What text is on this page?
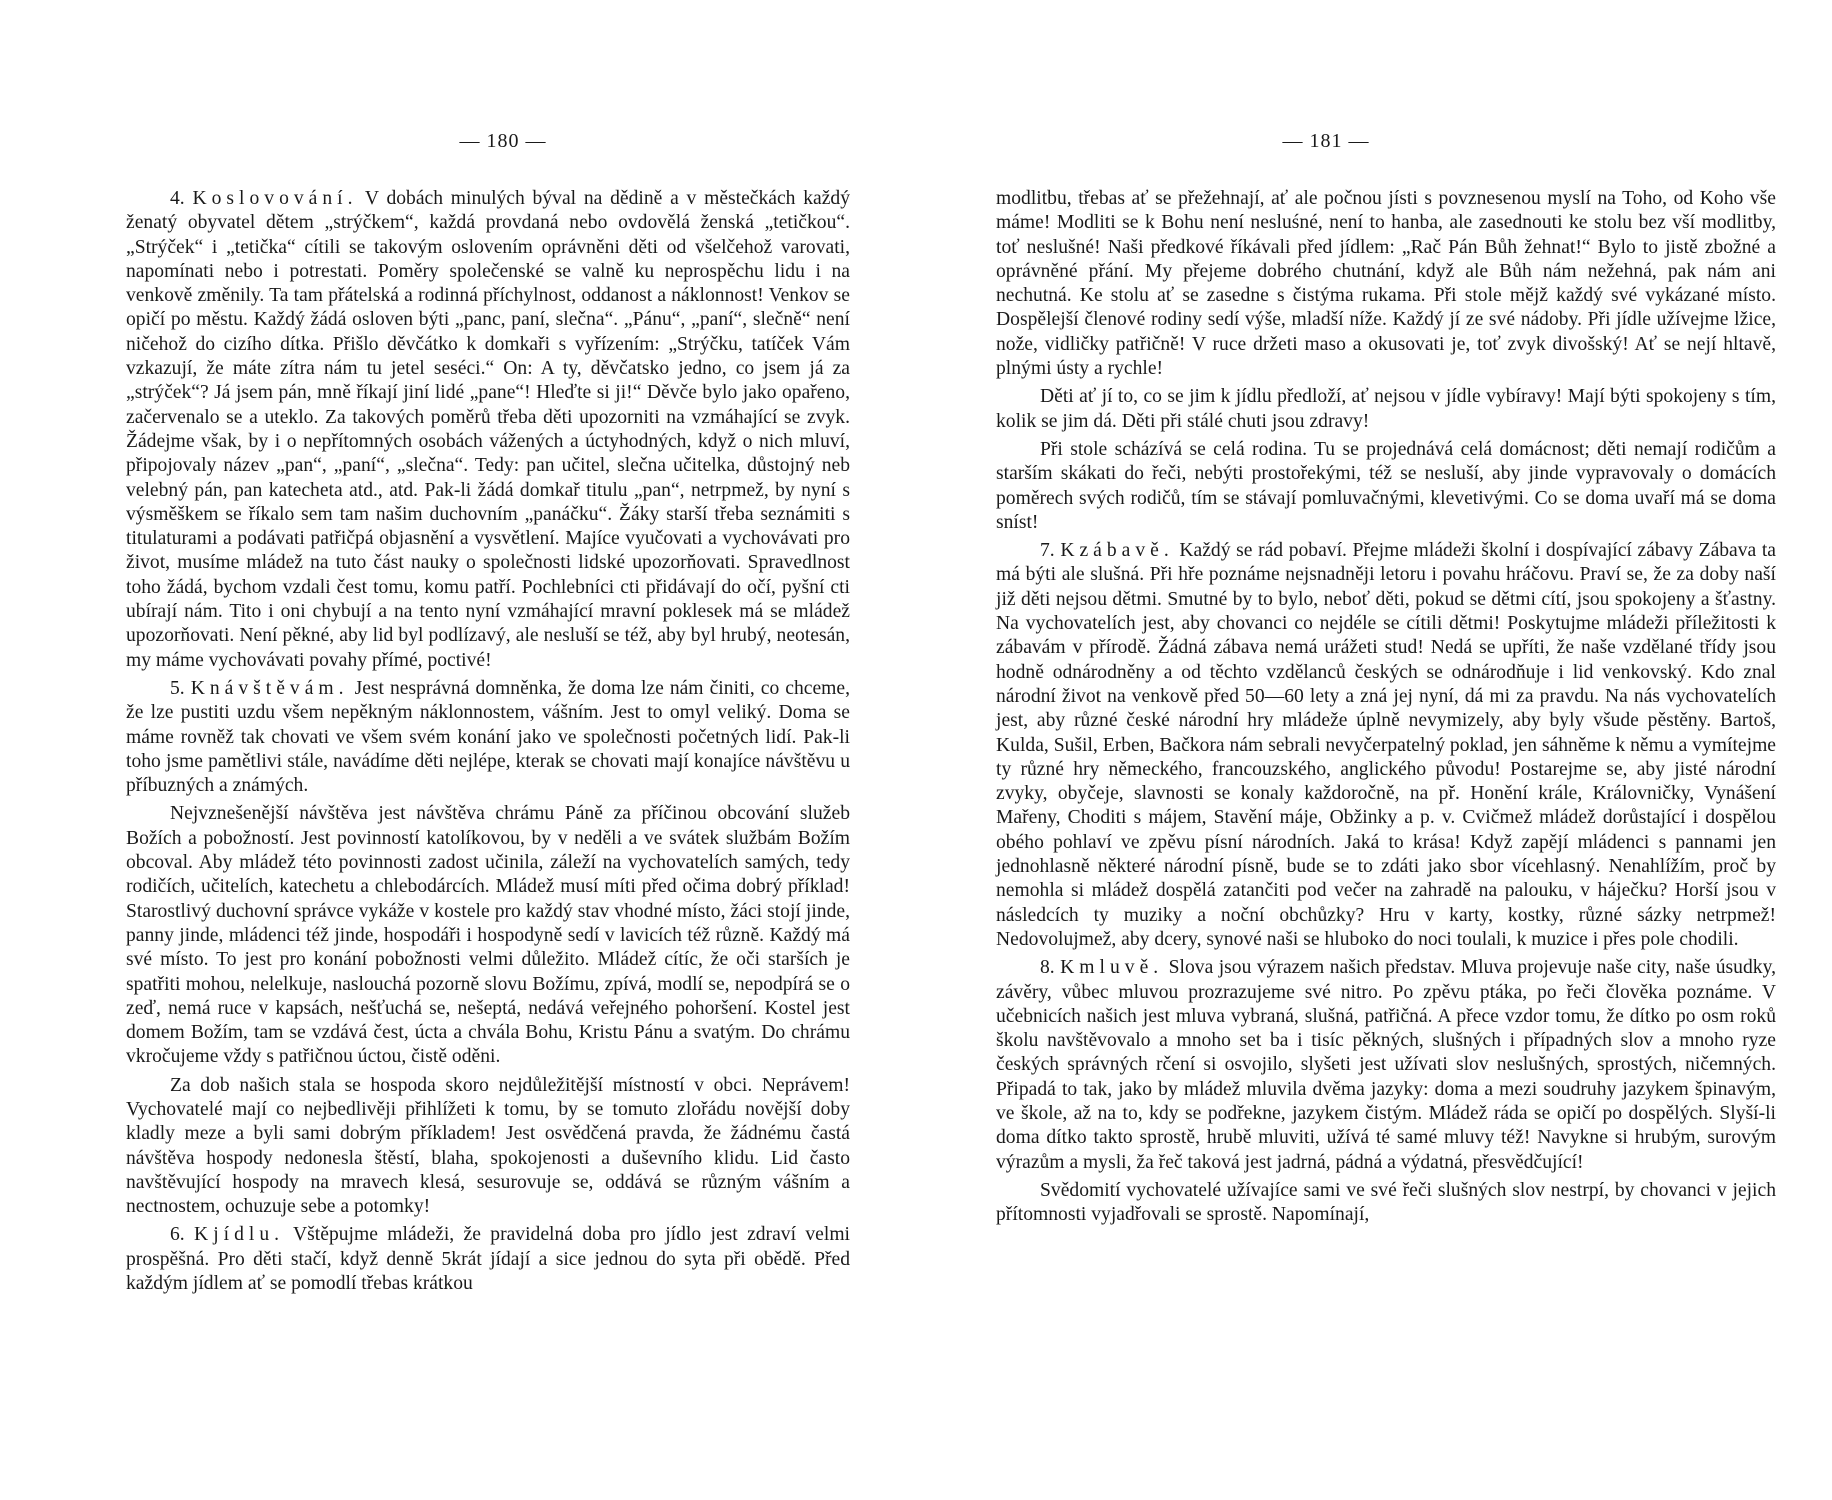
— 180 —

4. Koslovování. V dobách minulých býval na dědině a v městečkách každý ženatý obyvatel dětem „strýčkem“, každá provdaná nebo ovdovělá ženská „tetičkou“. „Strýček“ i „tetička“ cítili se takovým oslovením oprávněni děti od všelčehož varovati, napomínati nebo i potrestati. Poměry společenské se valně ku neprospěchu lidu i na venkově změnily. Ta tam přátelská a rodinná příchylnost, oddanost a náklonnost! Venkov se opičí po městu. Každý žádá osloven býti „panc, paní, slečna“. „Pánu“, „paní“, slečně“ není ničehož do cizího dítka. Přišlo děvčátko k domkaři s vyřízením: „Strýčku, tatíček Vám vzkazují, že máte zítra nám tu jetel seséci.“ On: A ty, děvčatsko jedno, co jsem já za „strýček“? Já jsem pán, mně říkají jiní lidé „pane“! Hleďte si ji!“ Děvče bylo jako opařeno, začervenalo se a uteklo. Za takových poměrů třeba děti upozorniti na vzmáhající se zvyk. Žádejme však, by i o nepřítomných osobách vážených a úctyhodných, když o nich mluví, připojovaly název „pan“, „paní“, „slečna“. Tedy: pan učitel, slečna učitelka, důstojný neb velebný pán, pan katecheta atd., atd. Pak-li žádá domkař titulu „pan“, netrpmež, by nyní s výsměškem se říkalo sem tam našim duchovním „panáčku“. Žáky starší třeba seznámiti s titulaturami a podávati patřičpá objasnění a vysvětlení. Majíce vyučovati a vychovávati pro život, musíme mládež na tuto část nauky o společnosti lidské upozorňovati. Spravedlnost toho žádá, bychom vzdali čest tomu, komu patří. Pochlebníci cti přidávají do očí, pyšní cti ubírají nám. Tito i oni chybují a na tento nyní vzmáhající mravní poklesek má se mládež upozorňovati. Není pěkné, aby lid byl podlízavý, ale nesluší se též, aby byl hrubý, neotesán, my máme vychovávati povahy přímé, poctivé!

5. Knávštěvám. Jest nesprávná domněnka, že doma lze nám činiti, co chceme, že lze pustiti uzdu všem nepěkným náklonnostem, vášním. Jest to omyl veliký. Doma se máme rovněž tak chovati ve všem svém konání jako ve společnosti početných lidí. Pak-li toho jsme pamětlivi stále, navádíme děti nejlépe, kterak se chovati mají konajíce návštěvu u příbuzných a známých.

Nejvznešenější návštěva jest návštěva chrámu Páně za příčinou obcování služeb Božích a pobožností. Jest povinností katolíkovou, by v neděli a ve svátek službám Božím obcoval. Aby mládež této povinnosti zadost učinila, záleží na vychovatelích samých, tedy rodičích, učitelích, katechetu a chlebodárcích. Mládež musí míti před očima dobrý příklad! Starostlivý duchovní správce vykáže v kostele pro každý stav vhodné místo, žáci stojí jinde, panny jinde, mládenci též jinde, hospodáři i hospodyně sedí v lavicích též různě. Každý má své místo. To jest pro konání pobožnosti velmi důležito. Mládež cítíc, že oči starších je spatřiti mohou, nelelkuje, naslouchá pozorně slovu Božímu, zpívá, modlí se, nepodpírá se o zeď, nemá ruce v kapsách, nešťuchá se, nešeptá, nedává veřejného pohoršení. Kostel jest domem Božím, tam se vzdává čest, úcta a chvála Bohu, Kristu Pánu a svatým. Do chrámu vkročujeme vždy s patřičnou úctou, čistě oděni.

Za dob našich stala se hospoda skoro nejdůležitější místností v obci. Neprávem! Vychovatelé mají co nejbedlivěji přihlížeti k tomu, by se tomuto zlořádu novější doby kladly meze a byli sami dobrým příkladem! Jest osvědčená pravda, že žádnému častá návštěva hospody nedonesla štěstí, blaha, spokojenosti a duševního klidu. Lid často navštěvující hospody na mravech klesá, sesurovuje se, oddává se různým vášním a nectnostem, ochuzuje sebe a potomky!

6. Kjídlu. Vštěpujme mládeži, že pravidelná doba pro jídlo jest zdraví velmi prospěšná. Pro děti stačí, když denně 5krát jídají a sice jednou do syta při obědě. Před každým jídlem ať se pomodlí třebas krátkou

— 181 —

modlitbu, třebas ať se přežehnají, ať ale počnou jísti s povznesenou myslí na Toho, od Koho vše máme! Modliti se k Bohu není nesluśné, není to hanba, ale zasednouti ke stolu bez vší modlitby, toť neslušné! Naši předkové říkávali před jídlem: „Rač Pán Bůh žehnat!“ Bylo to jistě zbožné a oprávněné přání. My přejeme dobrého chutnání, když ale Bůh nám nežehná, pak nám ani nechutná. Ke stolu ať se zasedne s čistýma rukama. Při stole mějž každý své vykázané místo. Dospělejší členové rodiny sedí výše, mladší níže. Každý jí ze své nádoby. Při jídle užívejme lžice, nože, vidličky patřičně! V ruce držeti maso a okusovati je, toť zvyk divošský! Ať se nejí hltavě, plnými ústy a rychle!

Děti ať jí to, co se jim k jídlu předloží, ať nejsou v jídle vybíravy! Mají býti spokojeny s tím, kolik se jim dá. Děti při stálé chuti jsou zdravy!

Při stole scházívá se celá rodina. Tu se projednává celá domácnost; děti nemají rodičům a starším skákati do řeči, nebýti prostořekými, též se nesluší, aby jinde vypravovaly o domácích poměrech svých rodičů, tím se stávají pomluvačnými, klevetivými. Co se doma uvaří má se doma sníst!

7. Kzábavě. Každý se rád pobaví. Přejme mládeži školní i dospívající zábavy Zábava ta má býti ale slušná. Při hře poznáme nejsnadněji letoru i povahu hráčovu. Praví se, že za doby naší již děti nejsou dětmi. Smutné by to bylo, neboť děti, pokud se dětmi cítí, jsou spokojeny a šťastny. Na vychovatelích jest, aby chovanci co nejdéle se cítili dětmi! Poskytujme mládeži příležitosti k zábavám v přírodě. Žádná zábava nemá urážeti stud! Nedá se upříti, že naše vzdělané třídy jsou hodně odnárodněny a od těchto vzdělanců českých se odnárodňuje i lid venkovský. Kdo znal národní život na venkově před 50—60 lety a zná jej nyní, dá mi za pravdu. Na nás vychovatelích jest, aby různé české národní hry mládeže úplně nevymizely, aby byly všude pěstěny. Bartoš, Kulda, Sušil, Erben, Bačkora nám sebrali nevyčerpatelný poklad, jen sáhněme k němu a vymítejme ty různé hry německého, francouzského, anglického původu! Postarejme se, aby jisté národní zvyky, obyčeje, slavnosti se konaly každoročně, na př. Honění krále, Královničky, Vynášení Mařeny, Choditi s májem, Stavění máje, Obžinky a p. v. Cvičmež mládež dorůstající i dospělou obého pohlaví ve zpěvu písní národních. Jaká to krása! Když zapějí mládenci s pannami jen jednohlasně některé národní písně, bude se to zdáti jako sbor vícehlasný. Nenahlížím, proč by nemohla si mládež dospělá zatančiti pod večer na zahradě na palouku, v háječku? Horší jsou v následcích ty muziky a noční obchůzky? Hru v karty, kostky, různé sázky netrpmež! Nedovolujmež, aby dcery, synové naši se hluboko do noci toulali, k muzice i přes pole chodili.

8. Kmluvě. Slova jsou výrazem našich představ. Mluva projevuje naše city, naše úsudky, závěry, vůbec mluvou prozrazujeme své nitro. Po zpěvu ptáka, po řeči člověka poznáme. V učebnicích našich jest mluva vybraná, slušná, patřičná. A přece vzdor tomu, že dítko po osm roků školu navštěvovalo a mnoho set ba i tisíc pěkných, slušných i případných slov a mnoho ryze českých správných rčení si osvojilo, slyšeti jest užívati slov neslušných, sprostých, ničemných. Připadá to tak, jako by mládež mluvila dvěma jazyky: doma a mezi soudruhy jazykem špinavým, ve škole, až na to, kdy se podřekne, jazykem čistým. Mládež ráda se opičí po dospělých. Slyší-li doma dítko takto sprostě, hrubě mluviti, užívá té samé mluvy též! Navykne si hrubým, surovým výrazům a mysli, ža řeč taková jest jadrná, pádná a výdatná, přesvědčující!

Svědomití vychovatelé užívajíce sami ve své řeči slušných slov nestrpí, by chovanci v jejich přítomnosti vyjadřovali se sprostě. Napomínají,
